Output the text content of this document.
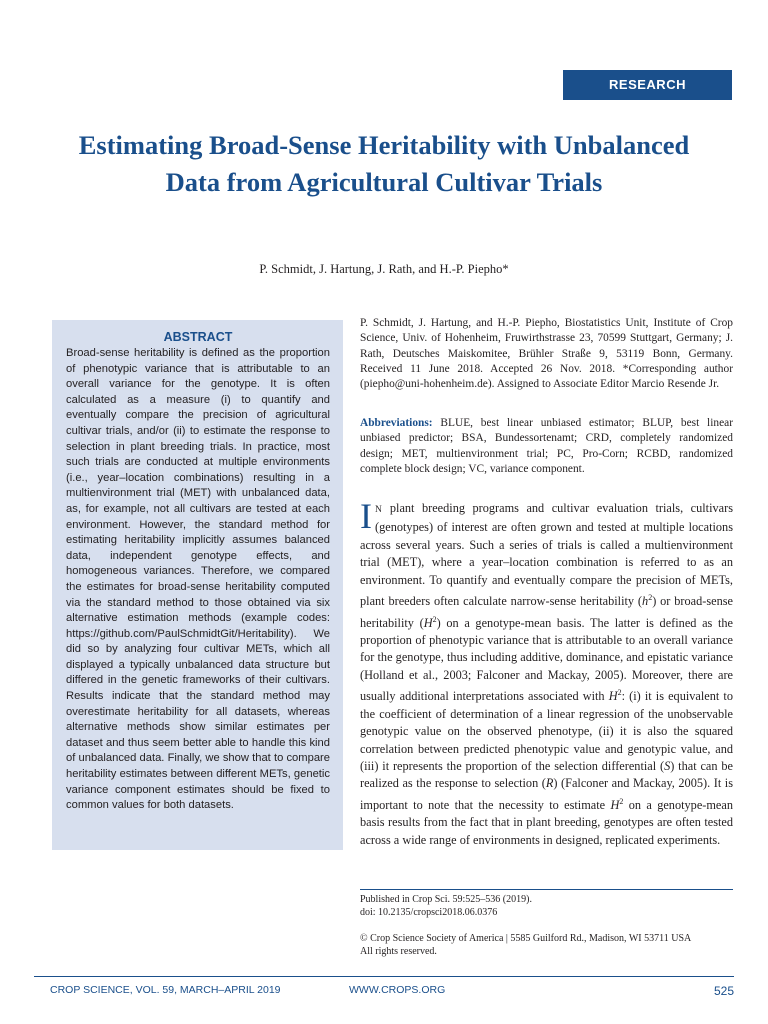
RESEARCH
Estimating Broad-Sense Heritability with Unbalanced Data from Agricultural Cultivar Trials
P. Schmidt, J. Hartung, J. Rath, and H.-P. Piepho*
ABSTRACT

Broad-sense heritability is defined as the proportion of phenotypic variance that is attributable to an overall variance for the genotype. It is often calculated as a measure (i) to quantify and eventually compare the precision of agricultural cultivar trials, and/or (ii) to estimate the response to selection in plant breeding trials. In practice, most such trials are conducted at multiple environments (i.e., year–location combinations) resulting in a multienvironment trial (MET) with unbalanced data, as, for example, not all cultivars are tested at each environment. However, the standard method for estimating heritability implicitly assumes balanced data, independent genotype effects, and homogeneous variances. Therefore, we compared the estimates for broad-sense heritability computed via the standard method to those obtained via six alternative estimation methods (example codes: https://github.com/PaulSchmidtGit/Heritability). We did so by analyzing four cultivar METs, which all displayed a typically unbalanced data structure but differed in the genetic frameworks of their cultivars. Results indicate that the standard method may overestimate heritability for all datasets, whereas alternative methods show similar estimates per dataset and thus seem better able to handle this kind of unbalanced data. Finally, we show that to compare heritability estimates between different METs, genetic variance component estimates should be fixed to common values for both datasets.

P. Schmidt, J. Hartung, and H.-P. Piepho, Biostatistics Unit, Institute of Crop Science, Univ. of Hohenheim, Fruwirthstrasse 23, 70599 Stuttgart, Germany; J. Rath, Deutsches Maiskomitee, Brühler Straße 9, 53119 Bonn, Germany. Received 11 June 2018. Accepted 26 Nov. 2018. *Corresponding author (piepho@uni-hohenheim.de). Assigned to Associate Editor Marcio Resende Jr.

Abbreviations: BLUE, best linear unbiased estimator; BLUP, best linear unbiased predictor; BSA, Bundessortenamt; CRD, completely randomized design; MET, multienvironment trial; PC, Pro-Corn; RCBD, randomized complete block design; VC, variance component.

I N plant breeding programs and cultivar evaluation trials, cultivars (genotypes) of interest are often grown and tested at multiple locations across several years. Such a series of trials is called a multienvironment trial (MET), where a year–location combination is referred to as an environment. To quantify and eventually compare the precision of METs, plant breeders often calculate narrow-sense heritability $(h^2)$ or broad-sense heritability $(H^2)$ on a genotype-mean basis. The latter is defined as the proportion of phenotypic variance that is attributable to an overall variance for the genotype, thus including additive, dominance, and epistatic variance (Holland et al., 2003; Falconer and Mackay, 2005). Moreover, there are usually additional interpretations associated with $H^2$: (i) it is equivalent to the coefficient of determination of a linear regression of the unobservable genotypic value on the observed phenotype, (ii) it is also the squared correlation between predicted phenotypic value and genotypic value, and (iii) it represents the proportion of the selection differential (S) that can be realized as the response to selection (R) (Falconer and Mackay, 2005). It is important to note that the necessity to estimate $H^2$ on a genotype-mean basis results from the fact that in plant breeding, genotypes are often tested across a wide range of environments in designed, replicated experiments.

Published in Crop Sci. 59:525–536 (2019).
doi: 10.2135/cropsci2018.06.0376
© Crop Science Society of America | 5585 Guilford Rd., Madison, WI 53711 USA
All rights reserved.
CROP SCIENCE, VOL. 59, MARCH–APRIL 2019	WWW.CROPS.ORG	525
